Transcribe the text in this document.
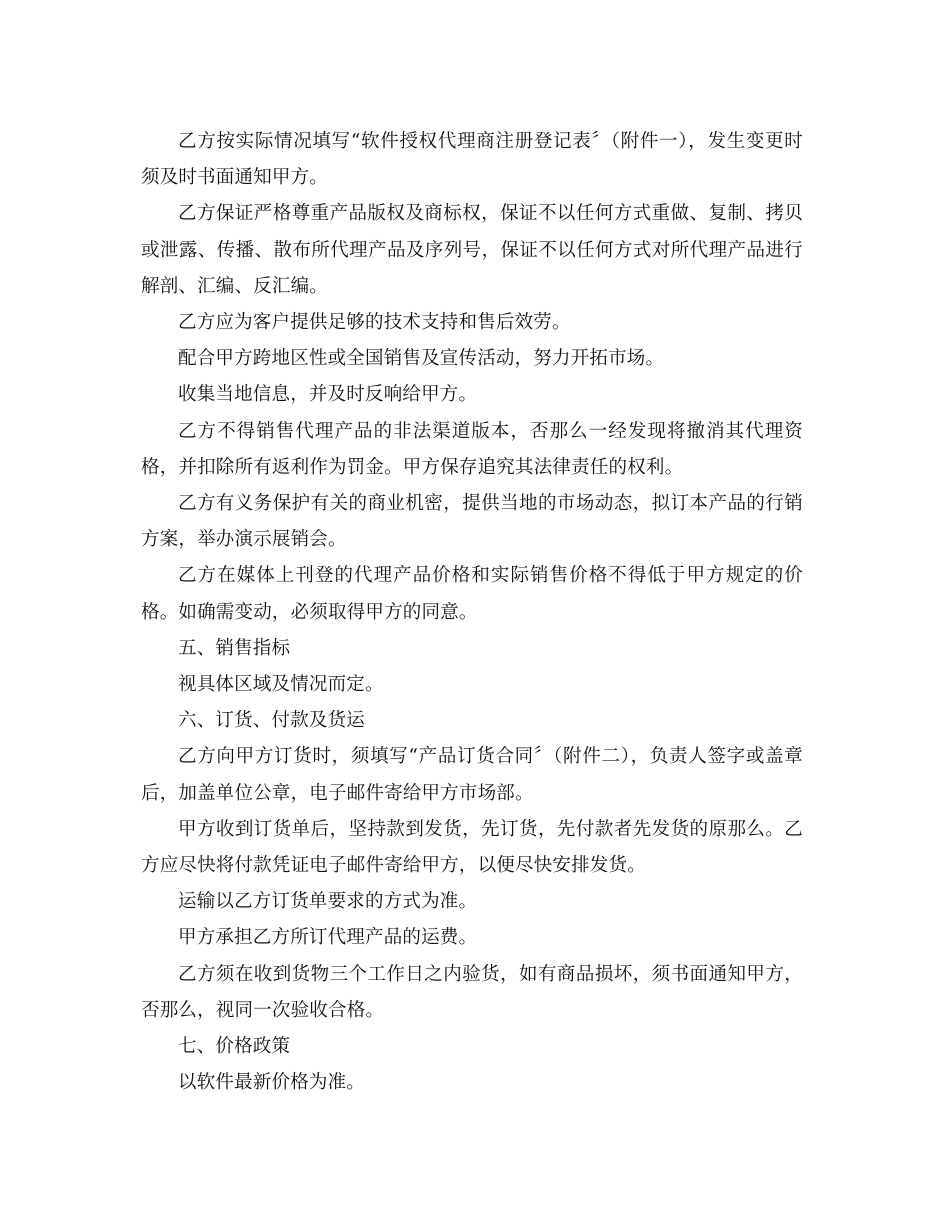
乙方按实际情况填写“软件授权代理商注册登记表〞（附件一），发生变更时须及时书面通知甲方。

乙方保证严格尊重产品版权及商标权，保证不以任何方式重做、复制、拷贝或泄露、传播、散布所代理产品及序列号，保证不以任何方式对所代理产品进行解剖、汇编、反汇编。

乙方应为客户提供足够的技术支持和售后效劳。

配合甲方跨地区性或全国销售及宣传活动，努力开拓市场。

收集当地信息，并及时反响给甲方。

乙方不得销售代理产品的非法渠道版本，否那么一经发现将撤消其代理资格，并扣除所有返利作为罚金。甲方保存追究其法律责任的权利。

乙方有义务保护有关的商业机密，提供当地的市场动态，拟订本产品的行销方案，举办演示展销会。

乙方在媒体上刊登的代理产品价格和实际销售价格不得低于甲方规定的价格。如确需变动，必须取得甲方的同意。

五、销售指标

视具体区域及情况而定。

六、订货、付款及货运

乙方向甲方订货时，须填写“产品订货合同〞（附件二），负责人签字或盖章后，加盖单位公章，电子邮件寄给甲方市场部。

甲方收到订货单后，坚持款到发货，先订货，先付款者先发货的原那么。乙方应尽快将付款凭证电子邮件寄给甲方，以便尽快安排发货。

运输以乙方订货单要求的方式为准。

甲方承担乙方所订代理产品的运费。

乙方须在收到货物三个工作日之内验货，如有商品损坏，须书面通知甲方，否那么，视同一次验收合格。

七、价格政策

以软件最新价格为准。
